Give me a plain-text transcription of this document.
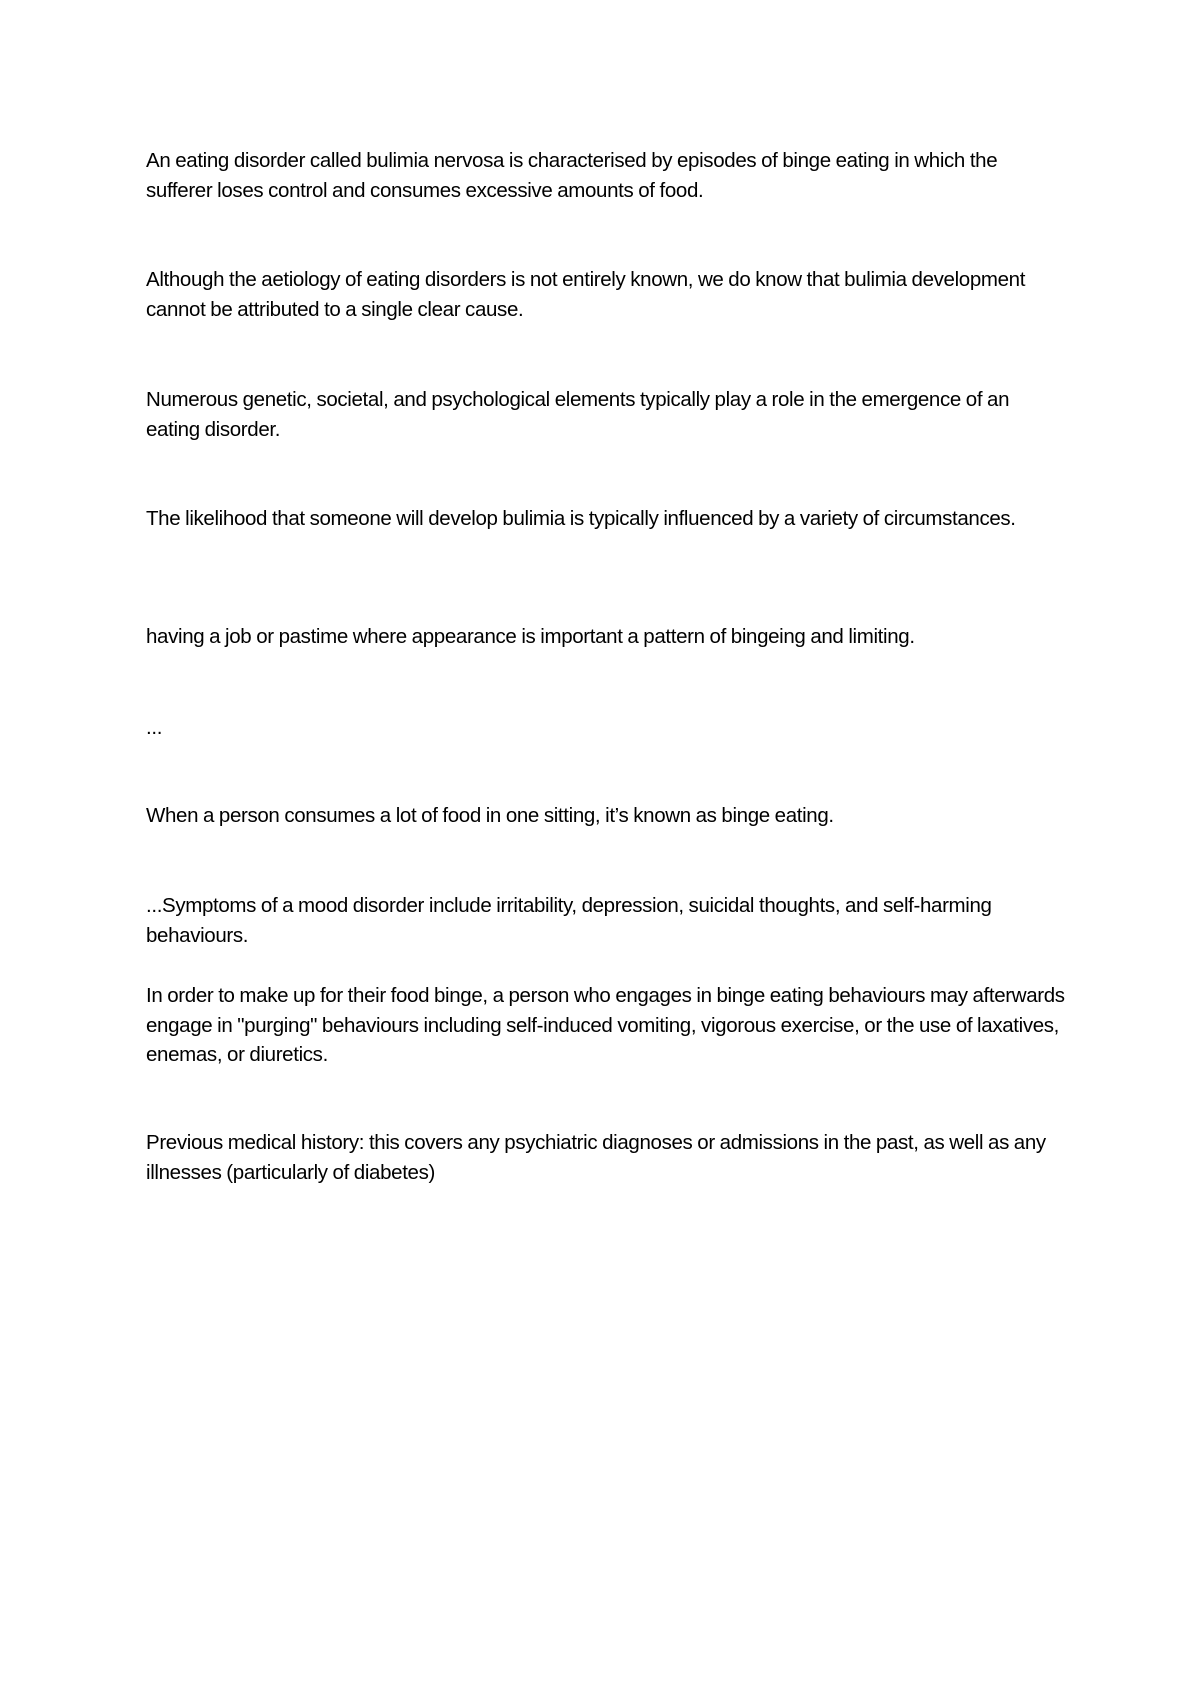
An eating disorder called bulimia nervosa is characterised by episodes of binge eating in which the sufferer loses control and consumes excessive amounts of food.

Although the aetiology of eating disorders is not entirely known, we do know that bulimia development cannot be attributed to a single clear cause.

Numerous genetic, societal, and psychological elements typically play a role in the emergence of an eating disorder.

The likelihood that someone will develop bulimia is typically influenced by a variety of circumstances.

having a job or pastime where appearance is important a pattern of bingeing and limiting.

...

When a person consumes a lot of food in one sitting, it’s known as binge eating.

...Symptoms of a mood disorder include irritability, depression, suicidal thoughts, and self-harming behaviours.

In order to make up for their food binge, a person who engages in binge eating behaviours may afterwards engage in "purging" behaviours including self-induced vomiting, vigorous exercise, or the use of laxatives, enemas, or diuretics.

Previous medical history: this covers any psychiatric diagnoses or admissions in the past, as well as any illnesses (particularly of diabetes)
